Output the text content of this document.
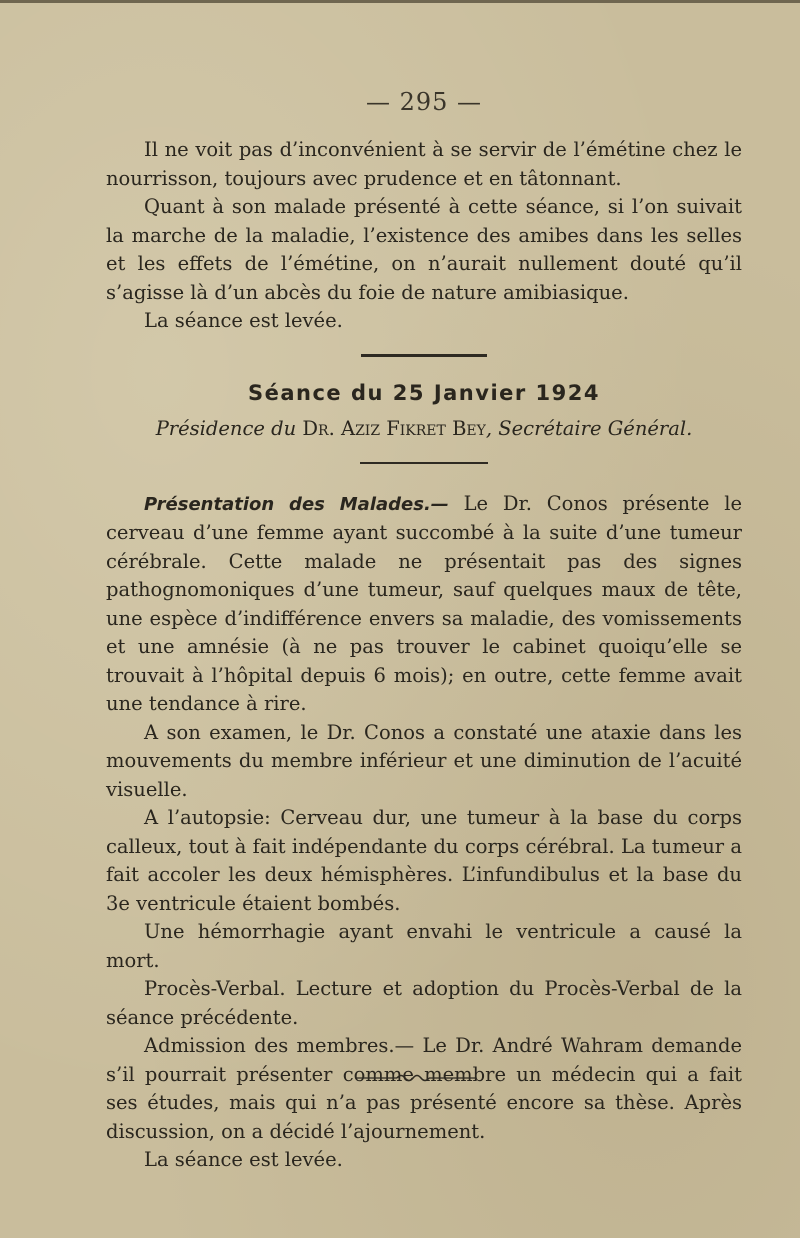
— 295 —

Il ne voit pas d’inconvénient à se servir de l’émétine chez le nourrisson, toujours avec prudence et en tâtonnant.

Quant à son malade présenté à cette séance, si l’on suivait la marche de la maladie, l’existence des amibes dans les selles et les effets de l’émétine, on n’aurait nullement douté qu’il s’agisse là d’un abcès du foie de nature amibiasique.

La séance est levée.

Séance du 25 Janvier 1924
Présidence du Dr. Aziz Fikret Bey, Secrétaire Général.

Présentation des Malades.— Le Dr. Conos présente le cerveau d’une femme ayant succombé à la suite d’une tumeur cérébrale. Cette malade ne présentait pas des signes pathognomoniques d’une tumeur, sauf quelques maux de tête, une espèce d’indifférence envers sa maladie, des vomissements et une amnésie (à ne pas trouver le cabinet quoiqu’elle se trouvait à l’hôpital depuis 6 mois); en outre, cette femme avait une tendance à rire.

A son examen, le Dr. Conos a constaté une ataxie dans les mouvements du membre inférieur et une diminution de l’acuité visuelle.

A l’autopsie: Cerveau dur, une tumeur à la base du corps calleux, tout à fait indépendante du corps cérébral. La tumeur a fait accoler les deux hémisphères. L’infundibulus et la base du 3e ventricule étaient bombés.

Une hémorrhagie ayant envahi le ventricule a causé la mort.

Procès-Verbal. Lecture et adoption du Procès-Verbal de la séance précédente.

Admission des membres.— Le Dr. André Wahram demande s’il pourrait présenter comme membre un médecin qui a fait ses études, mais qui n’a pas présenté encore sa thèse. Après discussion, on a décidé l’ajournement.

La séance est levée.
